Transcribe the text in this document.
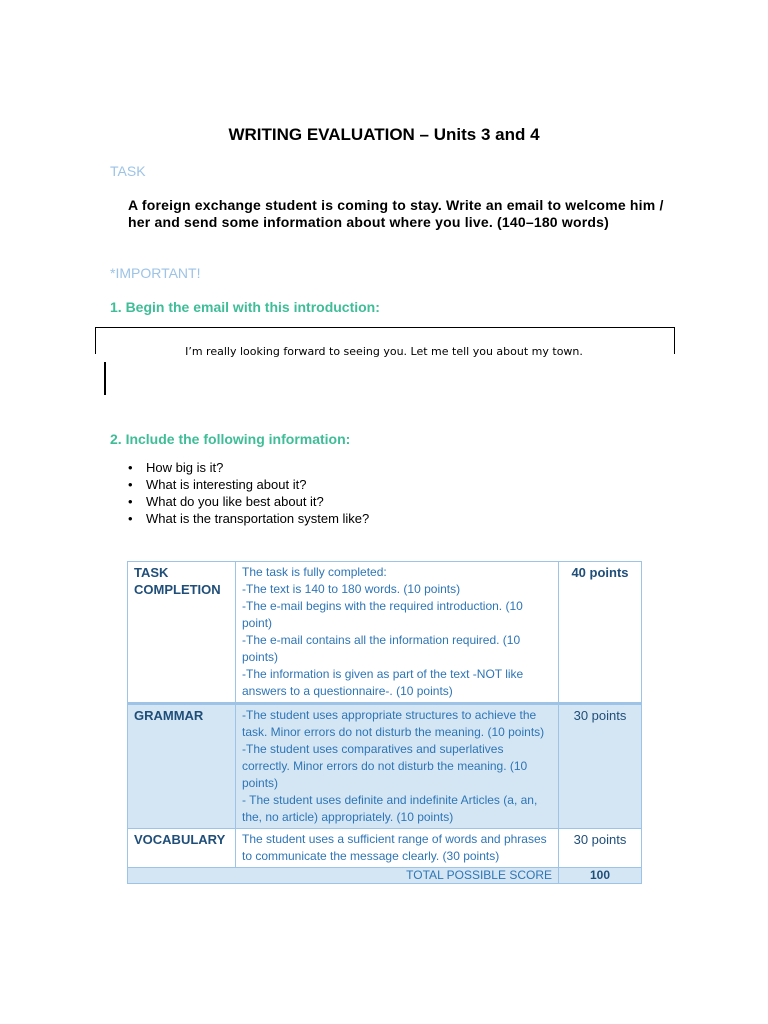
WRITING EVALUATION – Units 3 and 4
TASK
A foreign exchange student is coming to stay. Write an email to welcome him / her and send some information about where you live. (140–180 words)
*IMPORTANT!
1. Begin the email with this introduction:
I’m really looking forward to seeing you. Let me tell you about my town.
2. Include the following information:
• How big is it?
• What is interesting about it?
• What do you like best about it?
• What is the transportation system like?
TASK COMPLETION	The task is fully completed:
-The text is 140 to 180 words. (10 points)
-The e-mail begins with the required introduction. (10 point)
-The e-mail contains all the information required. (10 points)
-The information is given as part of the text -NOT like answers to a questionnaire-. (10 points)	40 points
GRAMMAR	-The student uses appropriate structures to achieve the task. Minor errors do not disturb the meaning. (10 points)
-The student uses comparatives and superlatives correctly. Minor errors do not disturb the meaning. (10 points)
- The student uses definite and indefinite Articles (a, an, the, no article) appropriately. (10 points)	30 points
VOCABULARY	The student uses a sufficient range of words and phrases to communicate the message clearly. (30 points)	30 points
TOTAL POSSIBLE SCORE		100
